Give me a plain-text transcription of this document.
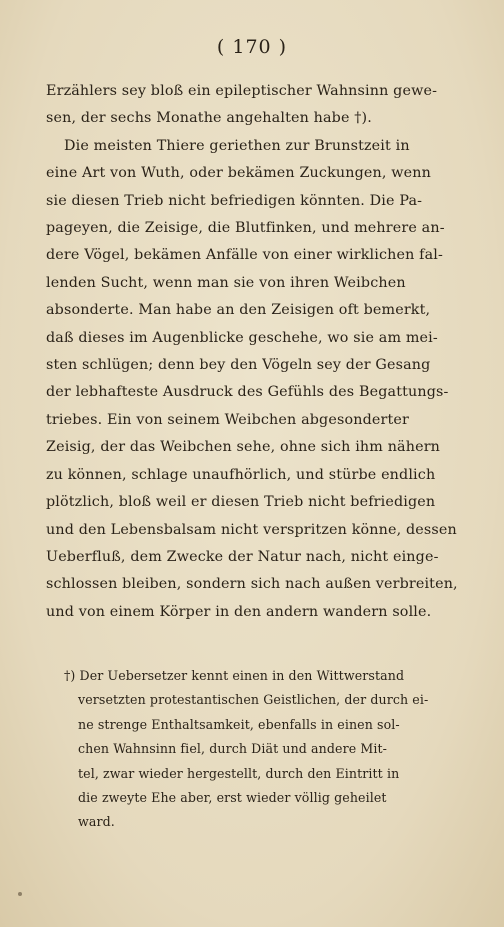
( 170 )

Erzählers sey bloß ein epileptischer Wahnsinn gewe-

sen, der sechs Monathe angehalten habe †).

Die meisten Thiere geriethen zur Brunstzeit in

eine Art von Wuth, oder bekämen Zuckungen, wenn

sie diesen Trieb nicht befriedigen könnten. Die Pa-

pageyen, die Zeisige, die Blutfinken, und mehrere an-

dere Vögel, bekämen Anfälle von einer wirklichen fal-

lenden Sucht, wenn man sie von ihren Weibchen

absonderte. Man habe an den Zeisigen oft bemerkt,

daß dieses im Augenblicke geschehe, wo sie am mei-

sten schlügen; denn bey den Vögeln sey der Gesang

der lebhafteste Ausdruck des Gefühls des Begattungs-

triebes. Ein von seinem Weibchen abgesonderter

Zeisig, der das Weibchen sehe, ohne sich ihm nähern

zu können, schlage unaufhörlich, und stürbe endlich

plötzlich, bloß weil er diesen Trieb nicht befriedigen

und den Lebensbalsam nicht verspritzen könne, dessen

Ueberfluß, dem Zwecke der Natur nach, nicht einge-

schlossen bleiben, sondern sich nach außen verbreiten,

und von einem Körper in den andern wandern solle.

†) Der Uebersetzer kennt einen in den Wittwerstand

versetzten protestantischen Geistlichen, der durch ei-

ne strenge Enthaltsamkeit, ebenfalls in einen sol-

chen Wahnsinn fiel, durch Diät und andere Mit-

tel, zwar wieder hergestellt, durch den Eintritt in

die zweyte Ehe aber, erst wieder völlig geheilet

ward.
